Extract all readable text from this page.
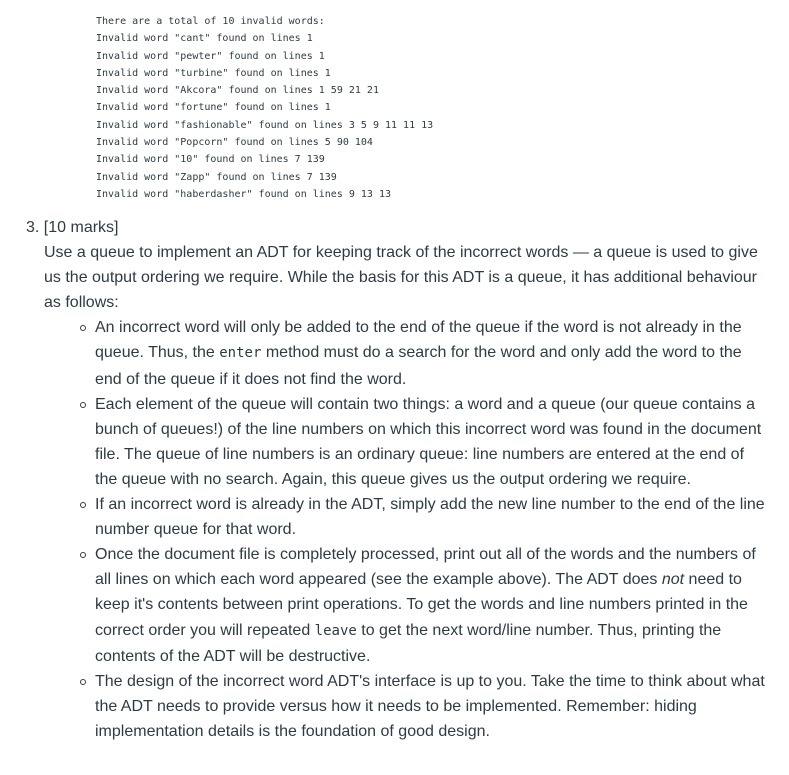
There are a total of 10 invalid words:
Invalid word "cant" found on lines 1
Invalid word "pewter" found on lines 1
Invalid word "turbine" found on lines 1
Invalid word "Akcora" found on lines 1 59 21 21
Invalid word "fortune" found on lines 1
Invalid word "fashionable" found on lines 3 5 9 11 11 13
Invalid word "Popcorn" found on lines 5 90 104
Invalid word "10" found on lines 7 139
Invalid word "Zapp" found on lines 7 139
Invalid word "haberdasher" found on lines 9 13 13
3. [10 marks]

Use a queue to implement an ADT for keeping track of the incorrect words — a queue is used to give us the output ordering we require. While the basis for this ADT is a queue, it has additional behaviour as follows:

An incorrect word will only be added to the end of the queue if the word is not already in the queue. Thus, the enter method must do a search for the word and only add the word to the end of the queue if it does not find the word.
Each element of the queue will contain two things: a word and a queue (our queue contains a bunch of queues!) of the line numbers on which this incorrect word was found in the document file. The queue of line numbers is an ordinary queue: line numbers are entered at the end of the queue with no search. Again, this queue gives us the output ordering we require.
If an incorrect word is already in the ADT, simply add the new line number to the end of the line number queue for that word.
Once the document file is completely processed, print out all of the words and the numbers of all lines on which each word appeared (see the example above). The ADT does not need to keep it's contents between print operations. To get the words and line numbers printed in the correct order you will repeated leave to get the next word/line number. Thus, printing the contents of the ADT will be destructive.
The design of the incorrect word ADT's interface is up to you. Take the time to think about what the ADT needs to provide versus how it needs to be implemented. Remember: hiding implementation details is the foundation of good design.
